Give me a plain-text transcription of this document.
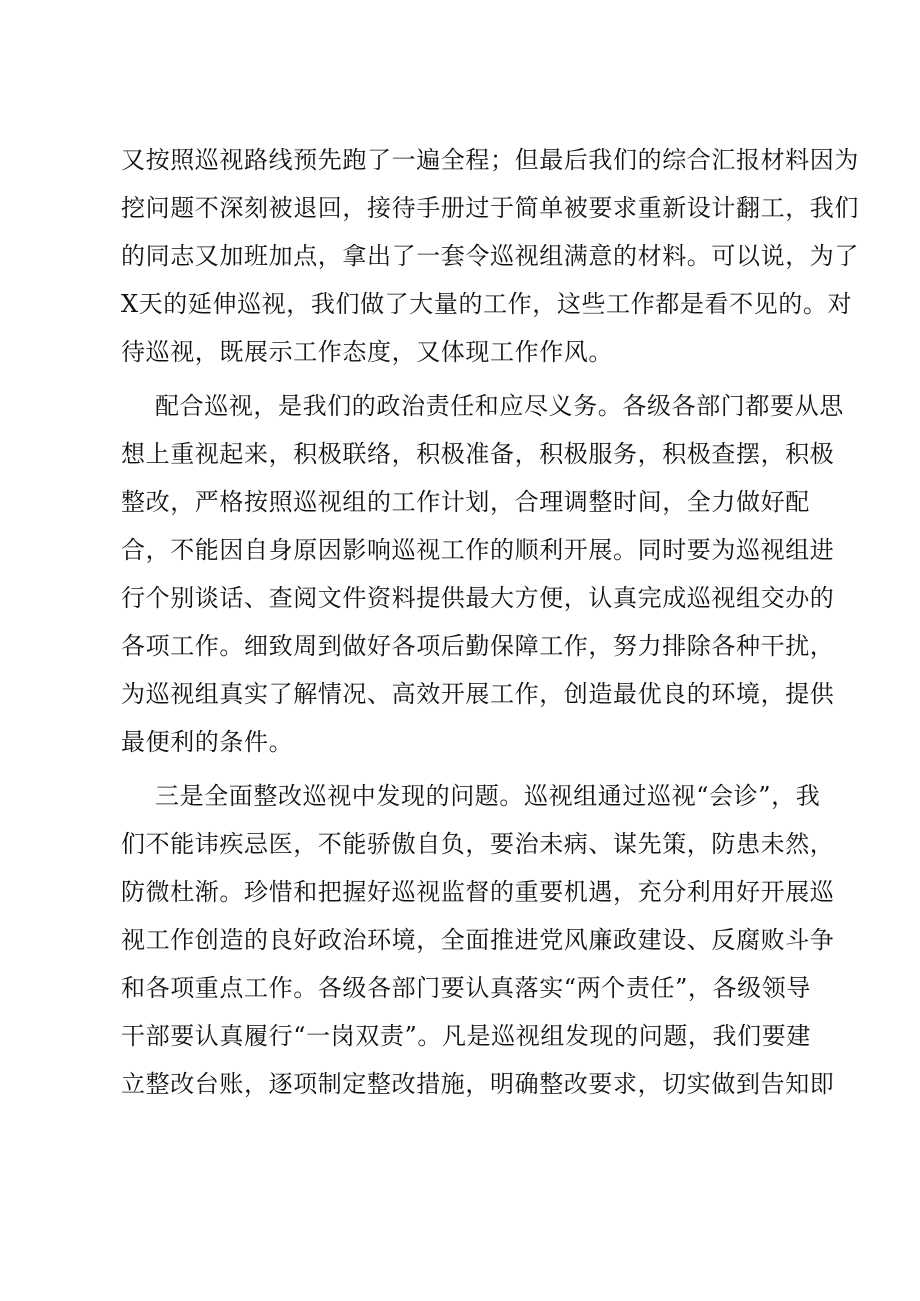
又按照巡视路线预先跑了一遍全程；但最后我们的综合汇报材料因为
挖问题不深刻被退回，接待手册过于简单被要求重新设计翻工，我们
的同志又加班加点，拿出了一套令巡视组满意的材料。可以说，为了
X天的延伸巡视，我们做了大量的工作，这些工作都是看不见的。对
待巡视，既展示工作态度，又体现工作作风。
配合巡视，是我们的政治责任和应尽义务。各级各部门都要从思
想上重视起来，积极联络，积极准备，积极服务，积极查摆，积极
整改，严格按照巡视组的工作计划，合理调整时间，全力做好配
合，不能因自身原因影响巡视工作的顺利开展。同时要为巡视组进
行个别谈话、查阅文件资料提供最大方便，认真完成巡视组交办的
各项工作。细致周到做好各项后勤保障工作，努力排除各种干扰，
为巡视组真实了解情况、高效开展工作，创造最优良的环境，提供
最便利的条件。
三是全面整改巡视中发现的问题。巡视组通过巡视“会诊”，我
们不能讳疾忌医，不能骄傲自负，要治未病、谋先策，防患未然，
防微杜渐。珍惜和把握好巡视监督的重要机遇，充分利用好开展巡
视工作创造的良好政治环境，全面推进党风廉政建设、反腐败斗争
和各项重点工作。各级各部门要认真落实“两个责任”，各级领导
干部要认真履行“一岗双责”。凡是巡视组发现的问题，我们要建
立整改台账，逐项制定整改措施，明确整改要求，切实做到告知即
